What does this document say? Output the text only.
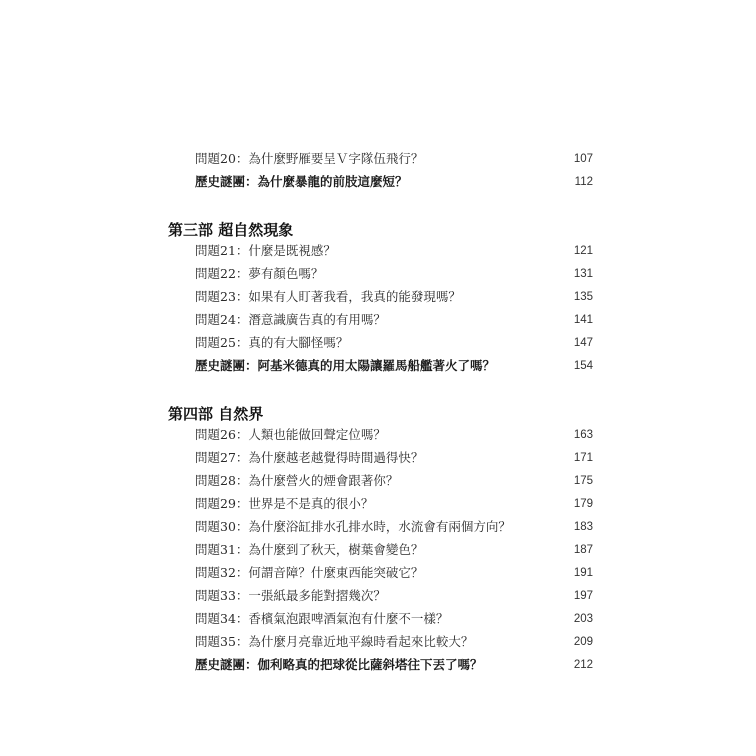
問題20：為什麼野雁要呈Ｖ字隊伍飛行？	107
歷史謎團：為什麼暴龍的前肢這麼短？	112
第三部 超自然現象
問題21：什麼是既視感？	121
問題22：夢有顏色嗎？	131
問題23：如果有人盯著我看，我真的能發現嗎？	135
問題24：潛意識廣告真的有用嗎？	141
問題25：真的有大腳怪嗎？	147
歷史謎團：阿基米德真的用太陽讓羅馬船艦著火了嗎？	154
第四部 自然界
問題26：人類也能做回聲定位嗎？	163
問題27：為什麼越老越覺得時間過得快？	171
問題28：為什麼營火的煙會跟著你？	175
問題29：世界是不是真的很小？	179
問題30：為什麼浴缸排水孔排水時，水流會有兩個方向？	183
問題31：為什麼到了秋天，樹葉會變色？	187
問題32：何謂音障？什麼東西能突破它？	191
問題33：一張紙最多能對摺幾次？	197
問題34：香檳氣泡跟啤酒氣泡有什麼不一樣？	203
問題35：為什麼月亮靠近地平線時看起來比較大？	209
歷史謎團：伽利略真的把球從比薩斜塔往下丟了嗎？	212
